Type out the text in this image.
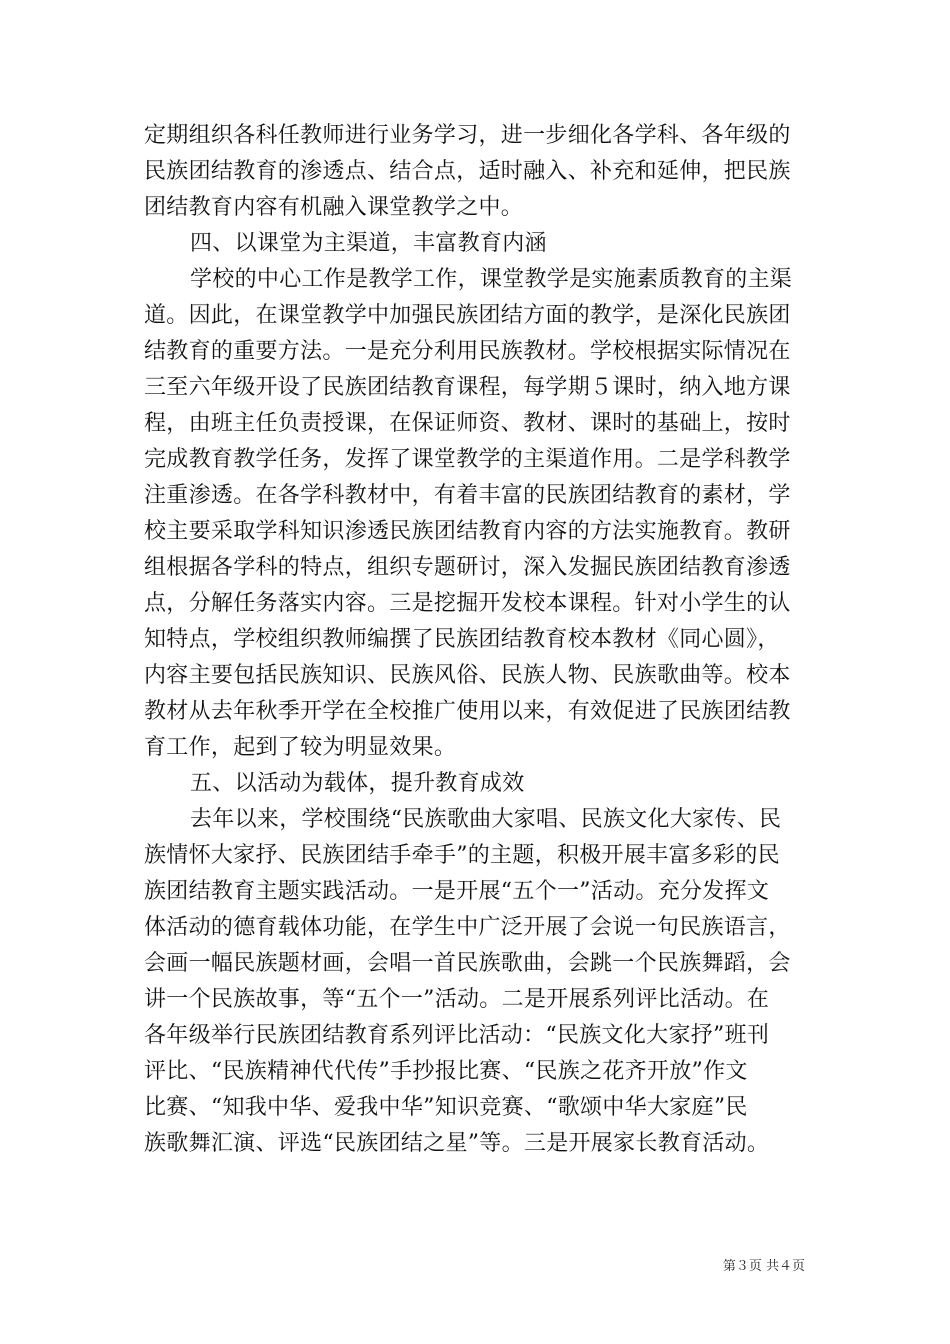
定期组织各科任教师进行业务学习，进一步细化各学科、各年级的
民族团结教育的渗透点、结合点，适时融入、补充和延伸，把民族
团结教育内容有机融入课堂教学之中。
四、以课堂为主渠道，丰富教育内涵
学校的中心工作是教学工作，课堂教学是实施素质教育的主渠
道。因此，在课堂教学中加强民族团结方面的教学，是深化民族团
结教育的重要方法。一是充分利用民族教材。学校根据实际情况在
三至六年级开设了民族团结教育课程，每学期５课时，纳入地方课
程，由班主任负责授课，在保证师资、教材、课时的基础上，按时
完成教育教学任务，发挥了课堂教学的主渠道作用。二是学科教学
注重渗透。在各学科教材中，有着丰富的民族团结教育的素材，学
校主要采取学科知识渗透民族团结教育内容的方法实施教育。教研
组根据各学科的特点，组织专题研讨，深入发掘民族团结教育渗透
点，分解任务落实内容。三是挖掘开发校本课程。针对小学生的认
知特点，学校组织教师编撰了民族团结教育校本教材《同心圆》，
内容主要包括民族知识、民族风俗、民族人物、民族歌曲等。校本
教材从去年秋季开学在全校推广使用以来，有效促进了民族团结教
育工作，起到了较为明显效果。
五、以活动为载体，提升教育成效
去年以来，学校围绕“民族歌曲大家唱、民族文化大家传、民
族情怀大家抒、民族团结手牵手”的主题，积极开展丰富多彩的民
族团结教育主题实践活动。一是开展“五个一”活动。充分发挥文
体活动的德育载体功能，在学生中广泛开展了会说一句民族语言，
会画一幅民族题材画，会唱一首民族歌曲，会跳一个民族舞蹈，会
讲一个民族故事，等“五个一”活动。二是开展系列评比活动。在
各年级举行民族团结教育系列评比活动：“民族文化大家抒”班刊
评比、“民族精神代代传”手抄报比赛、“民族之花齐开放”作文
比赛、“知我中华、爱我中华”知识竞赛、“歌颂中华大家庭”民
族歌舞汇演、评选“民族团结之星”等。三是开展家长教育活动。
第３页 共４页
